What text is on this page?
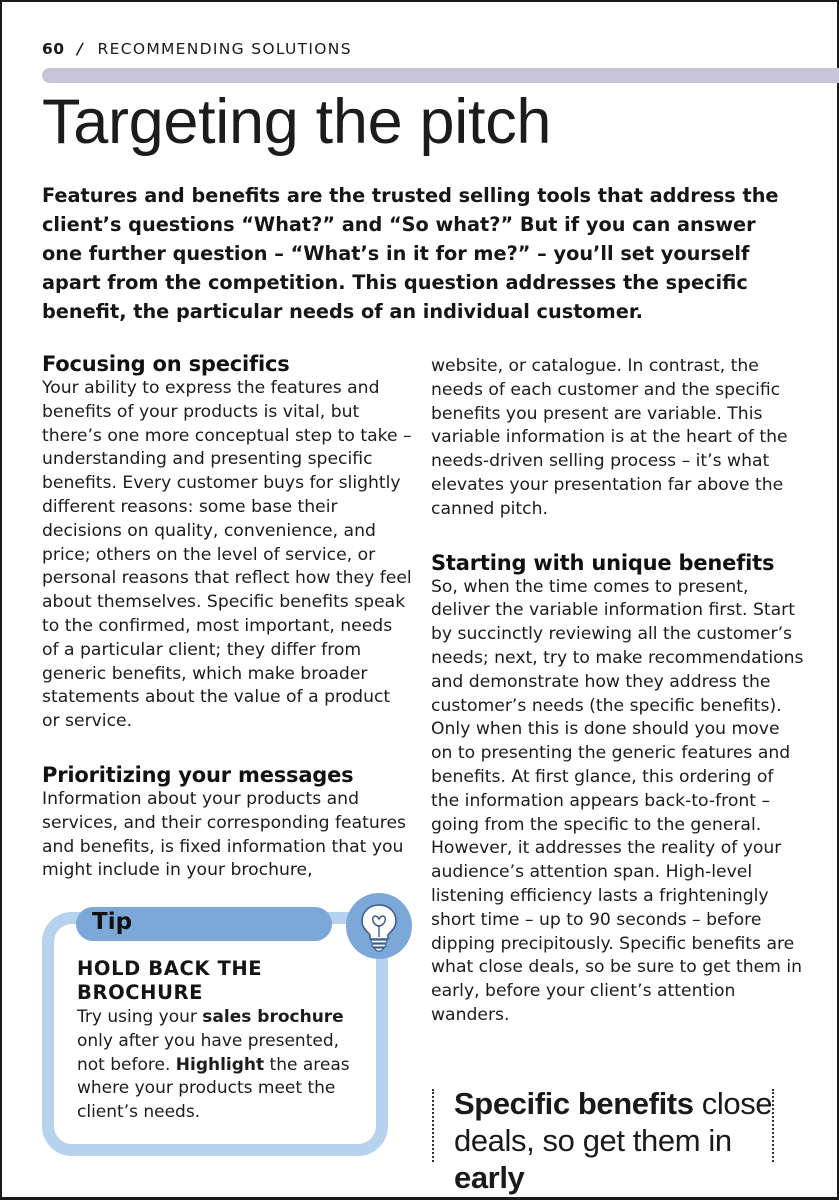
60 / RECOMMENDING SOLUTIONS
Targeting the pitch

Features and benefits are the trusted selling tools that address the client’s questions “What?” and “So what?” But if you can answer one further question – “What’s in it for me?” – you’ll set yourself apart from the competition. This question addresses the specific benefit, the particular needs of an individual customer.

Focusing on specifics

Your ability to express the features and benefits of your products is vital, but there’s one more conceptual step to take – understanding and presenting specific benefits. Every customer buys for slightly different reasons: some base their decisions on quality, convenience, and price; others on the level of service, or personal reasons that reflect how they feel about themselves. Specific benefits speak to the confirmed, most important, needs of a particular client; they differ from generic benefits, which make broader statements about the value of a product or service.

Prioritizing your messages

Information about your products and services, and their corresponding features and benefits, is fixed information that you might include in your brochure,

website, or catalogue. In contrast, the needs of each customer and the specific benefits you present are variable. This variable information is at the heart of the needs-driven selling process – it’s what elevates your presentation far above the canned pitch.

Starting with unique benefits

So, when the time comes to present, deliver the variable information first. Start by succinctly reviewing all the customer’s needs; next, try to make recommendations and demonstrate how they address the customer’s needs (the specific benefits). Only when this is done should you move on to presenting the generic features and benefits. At first glance, this ordering of the information appears back-to-front – going from the specific to the general. However, it addresses the reality of your audience’s attention span. High-level listening efficiency lasts a frighteningly short time – up to 90 seconds – before dipping precipitously. Specific benefits are what close deals, so be sure to get them in early, before your client’s attention wanders.

Tip
HOLD BACK THE BROCHURE

Try using your sales brochure only after you have presented, not before. Highlight the areas where your products meet the client’s needs.	Specific benefits close deals, so get them in early
